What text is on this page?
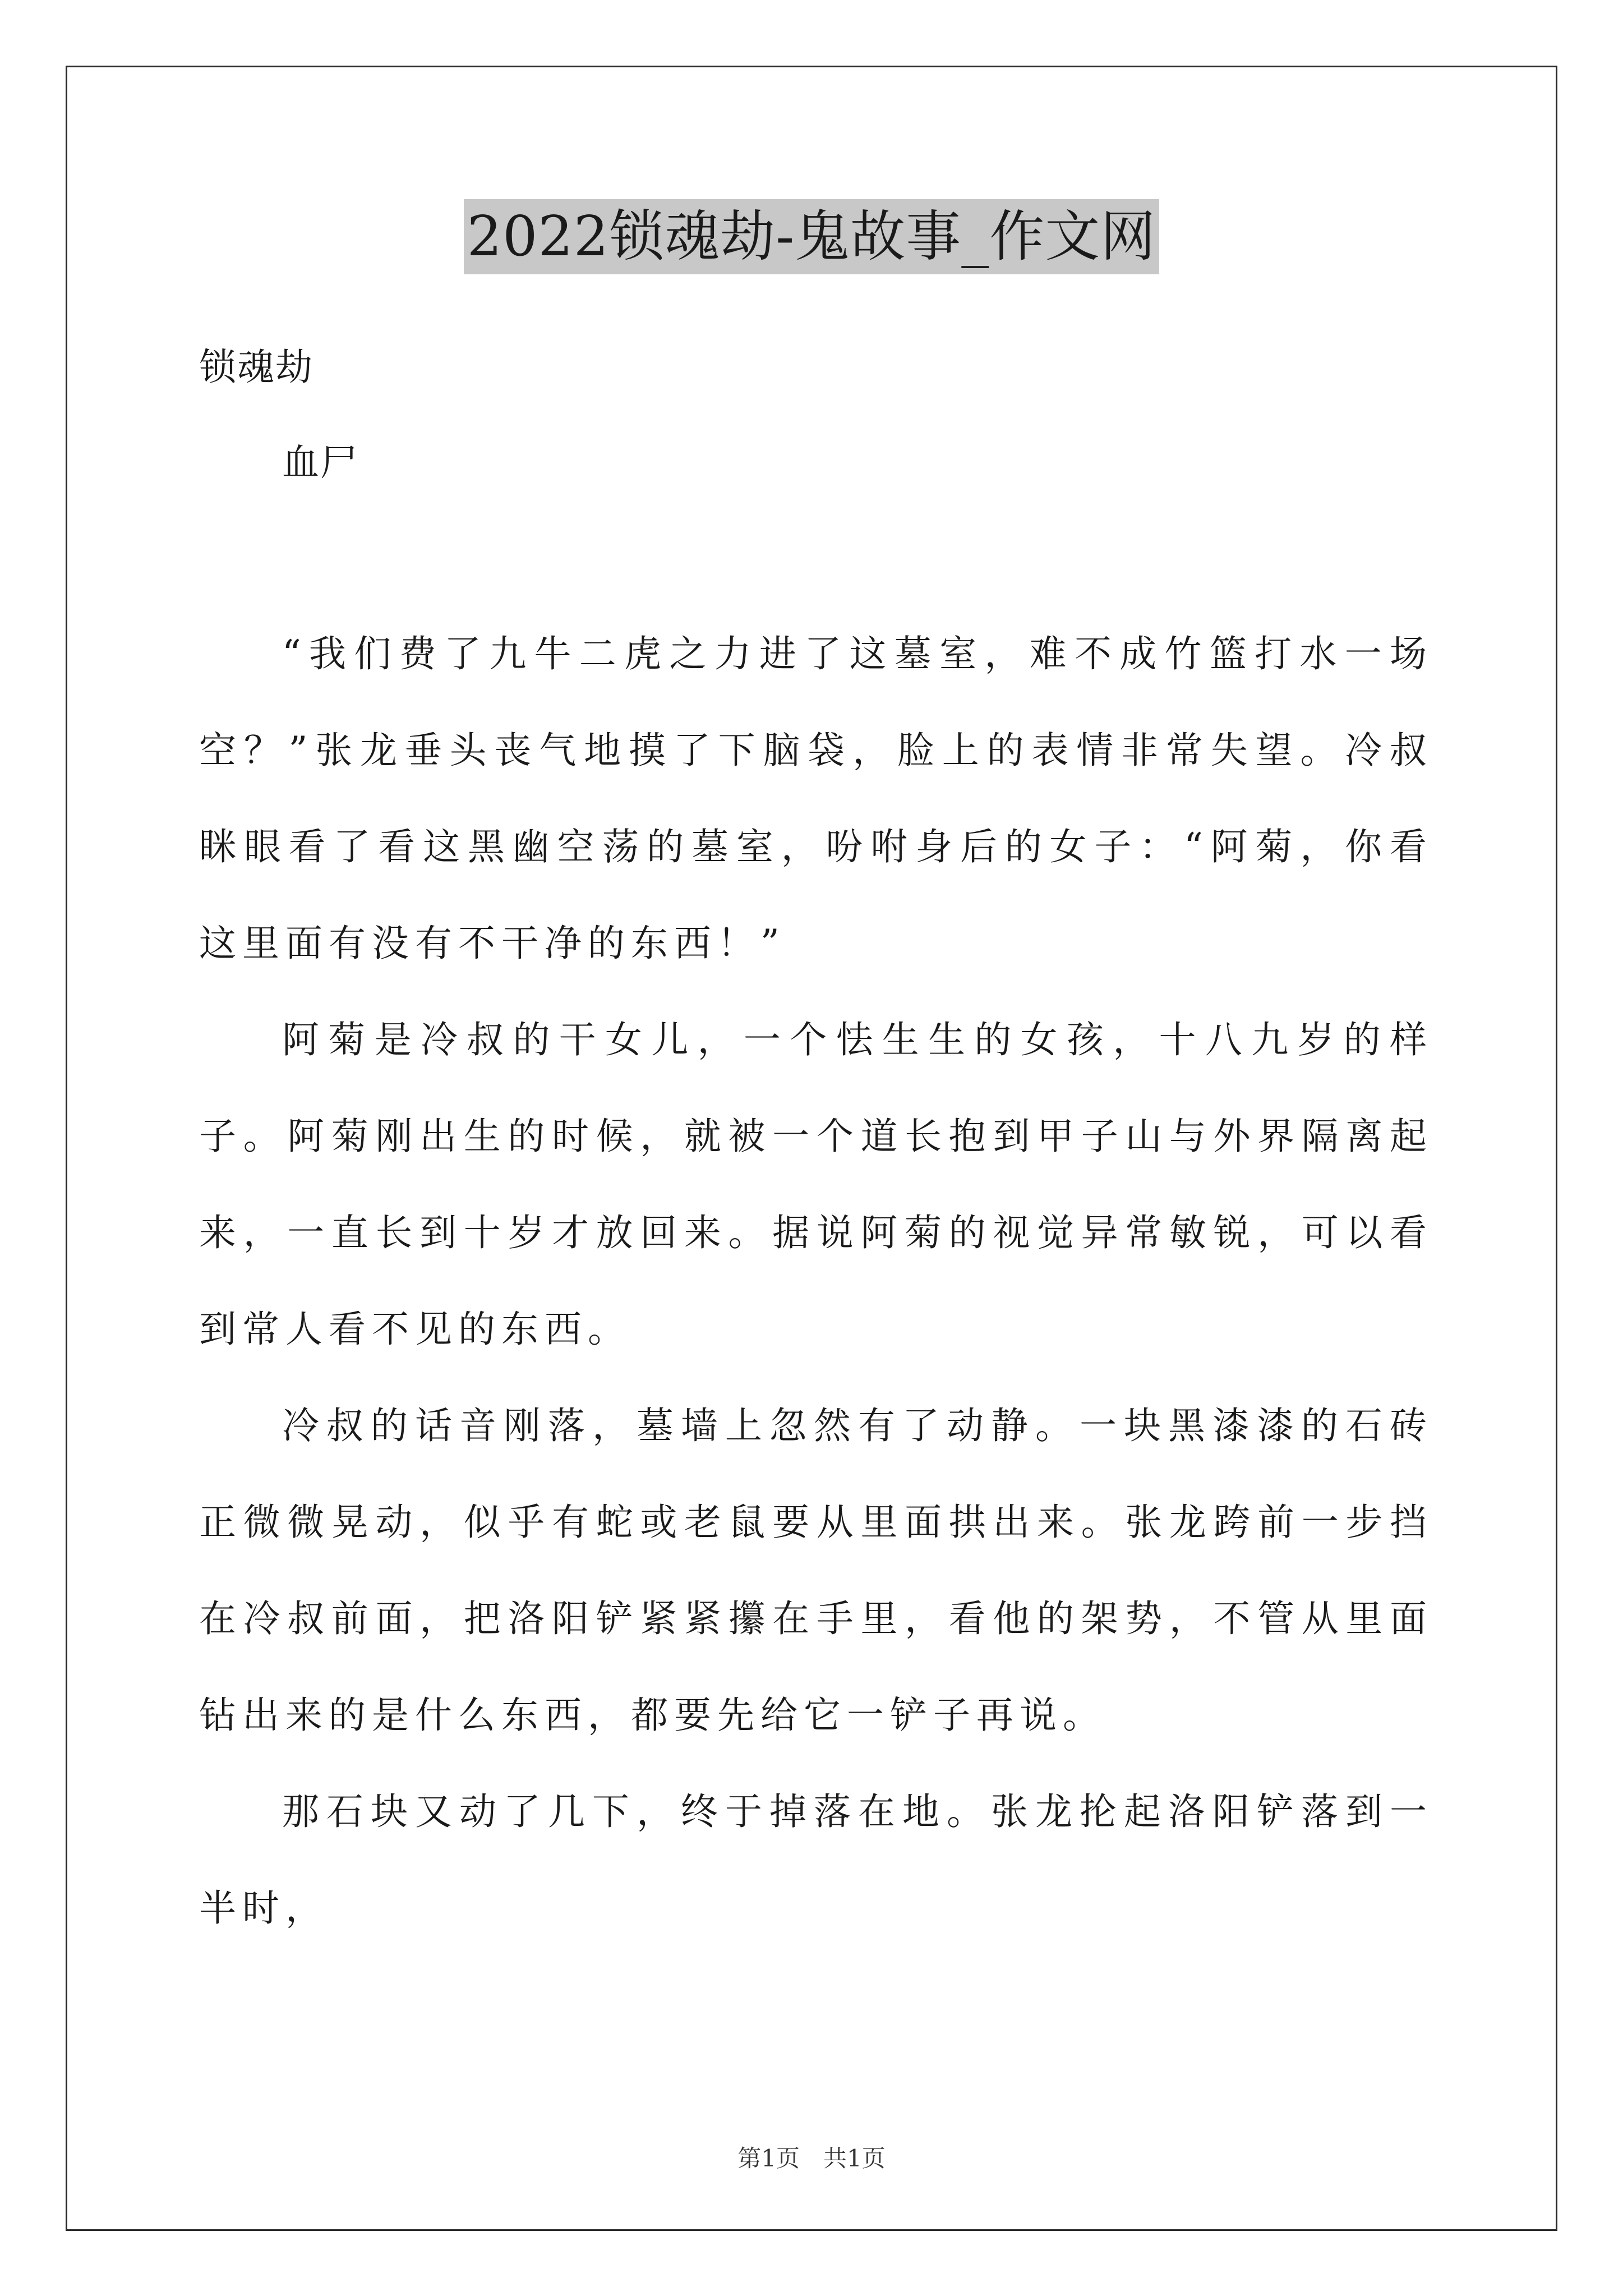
2022锁魂劫-鬼故事_作文网

锁魂劫

血尸

“我们费了九牛二虎之力进了这墓室，难不成竹篮打水一场空？”张龙垂头丧气地摸了下脑袋，脸上的表情非常失望。冷叔眯眼看了看这黑幽空荡的墓室，吩咐身后的女子：“阿菊，你看这里面有没有不干净的东西！”

阿菊是冷叔的干女儿，一个怯生生的女孩，十八九岁的样子。阿菊刚出生的时候，就被一个道长抱到甲子山与外界隔离起来，一直长到十岁才放回来。据说阿菊的视觉异常敏锐，可以看到常人看不见的东西。

冷叔的话音刚落，墓墙上忽然有了动静。一块黑漆漆的石砖正微微晃动，似乎有蛇或老鼠要从里面拱出来。张龙跨前一步挡在冷叔前面，把洛阳铲紧紧攥在手里，看他的架势，不管从里面钻出来的是什么东西，都要先给它一铲子再说。

那石块又动了几下，终于掉落在地。张龙抡起洛阳铲落到一半时，

第1页　共1页
